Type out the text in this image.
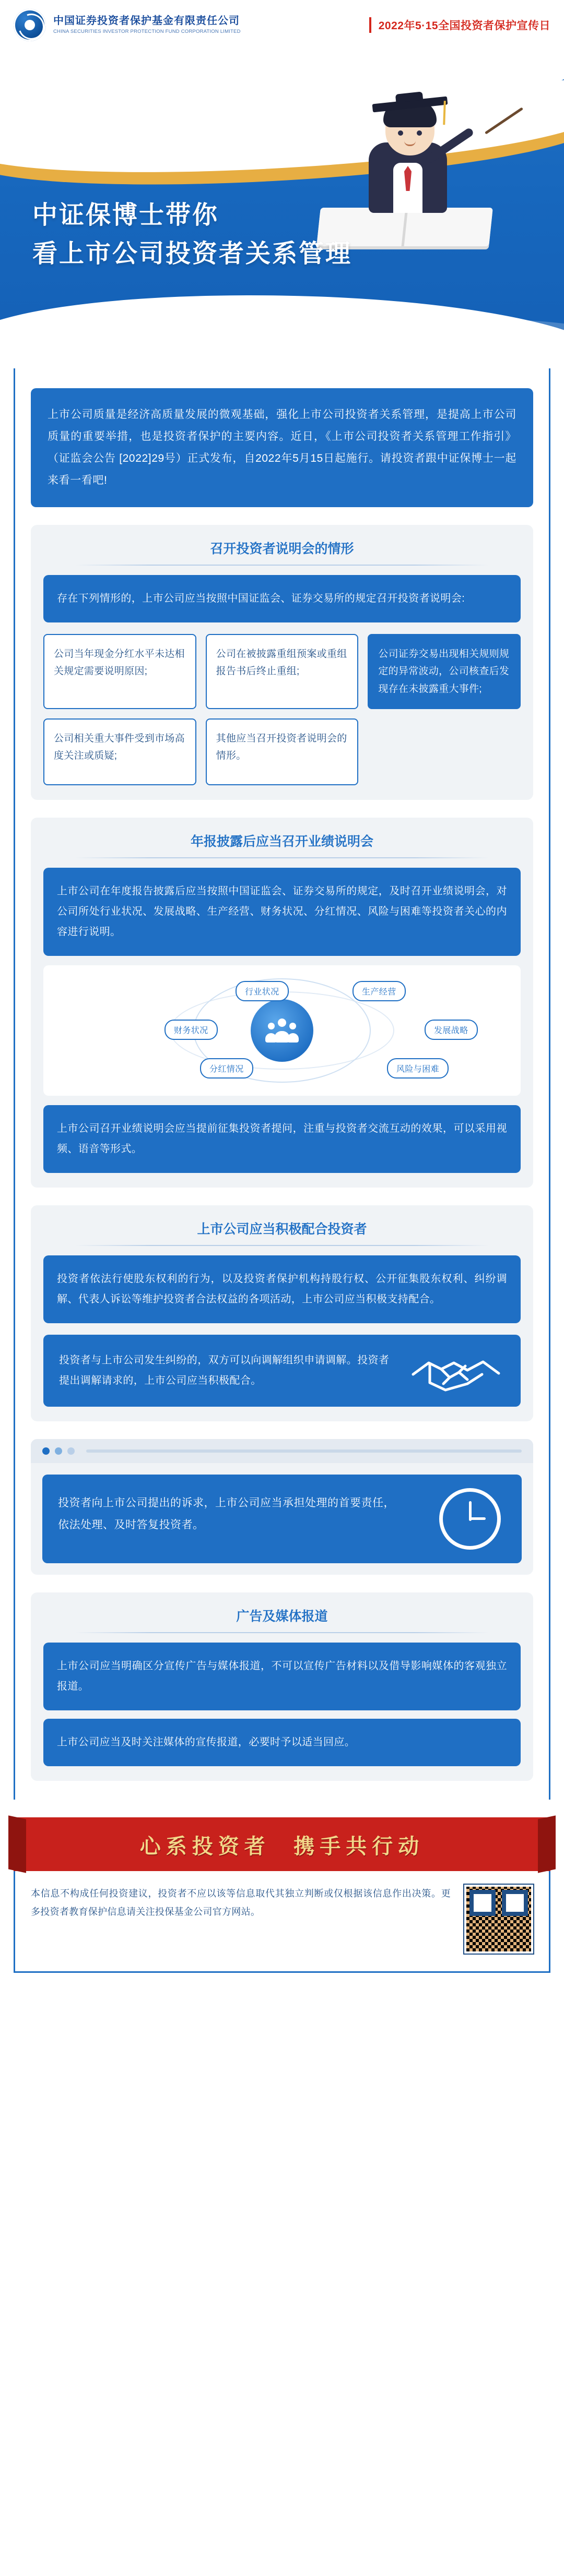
中国证券投资者保护基金有限责任公司
CHINA SECURITIES INVESTOR PROTECTION FUND CORPORATION LIMITED	2022年5·15全国投资者保护宣传日
中证保博士带你
看上市公司投资者关系管理
上市公司质量是经济高质量发展的微观基础，强化上市公司投资者关系管理，是提高上市公司质量的重要举措，也是投资者保护的主要内容。近日，《上市公司投资者关系管理工作指引》（证监会公告 [2022]29号）正式发布，自2022年5月15日起施行。请投资者跟中证保博士一起来看一看吧!
召开投资者说明会的情形
存在下列情形的，上市公司应当按照中国证监会、证券交易所的规定召开投资者说明会:
公司当年现金分红水平未达相关规定需要说明原因;
公司在被披露重组预案或重组报告书后终止重组;
公司证券交易出现相关规则规定的异常波动，公司核查后发现存在未披露重大事件;
公司相关重大事件受到市场高度关注或质疑;
其他应当召开投资者说明会的情形。
年报披露后应当召开业绩说明会
上市公司在年度报告披露后应当按照中国证监会、证券交易所的规定，及时召开业绩说明会，对公司所处行业状况、发展战略、生产经营、财务状况、分红情况、风险与困难等投资者关心的内容进行说明。
行业状况	生产经营
财务状况	发展战略
分红情况	风险与困难
上市公司召开业绩说明会应当提前征集投资者提问，注重与投资者交流互动的效果，可以采用视频、语音等形式。
上市公司应当积极配合投资者
投资者依法行使股东权利的行为，以及投资者保护机构持股行权、公开征集股东权利、纠纷调解、代表人诉讼等维护投资者合法权益的各项活动，上市公司应当积极支持配合。
投资者与上市公司发生纠纷的，双方可以向调解组织申请调解。投资者提出调解请求的，上市公司应当积极配合。
投资者向上市公司提出的诉求，上市公司应当承担处理的首要责任，依法处理、及时答复投资者。
广告及媒体报道
上市公司应当明确区分宣传广告与媒体报道，不可以宣传广告材料以及借导影响媒体的客观独立报道。
上市公司应当及时关注媒体的宣传报道，必要时予以适当回应。
心系投资者 携手共行动
本信息不构成任何投资建议，投资者不应以该等信息取代其独立判断或仅根据该信息作出决策。更多投资者教育保护信息请关注投保基金公司官方网站。
